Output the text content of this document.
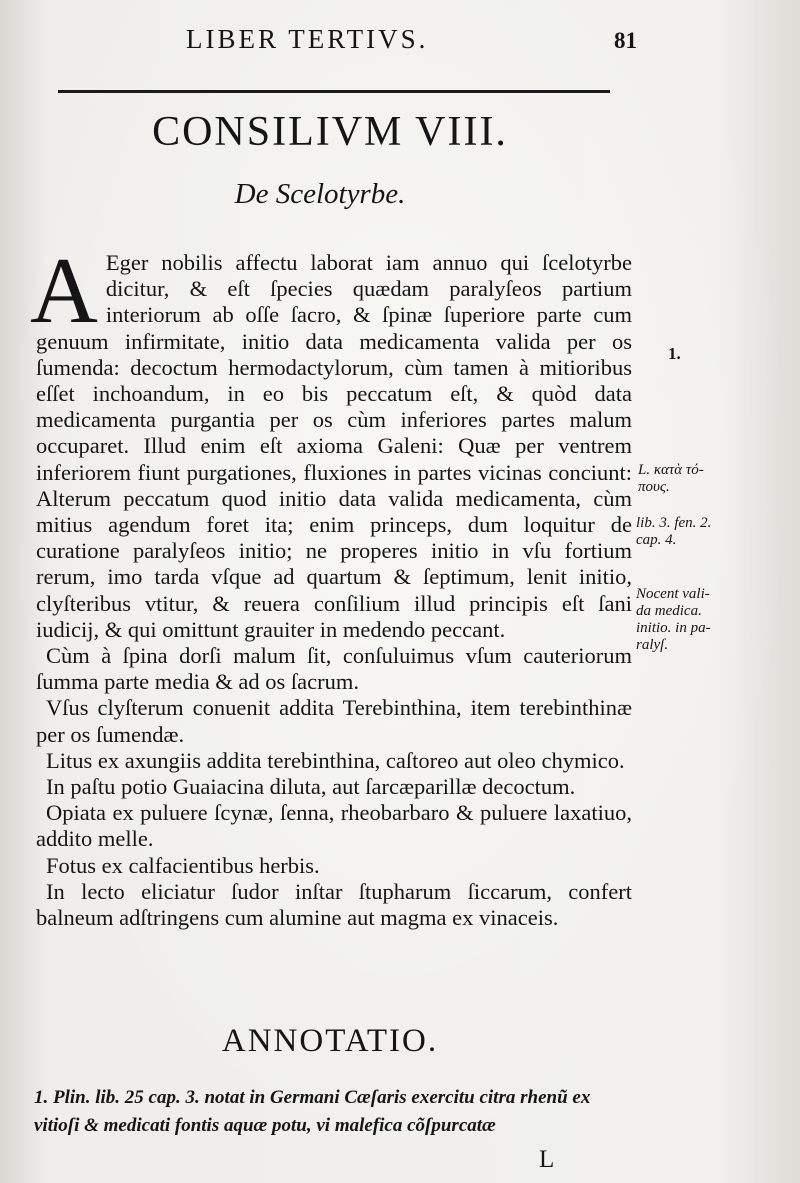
LIBER TERTIVS.	81
CONSILIVM VIII.
De Scelotyrbe.

A Eger nobilis affectu laborat iam annuo qui ſcelotyrbe dicitur, & eſt ſpecies quædam paralyſeos partium interiorum ab oſſe ſacro, & ſpinæ ſuperiore parte cum genuum infirmitate, initio data medicamenta valida per os ſumenda: decoctum hermodactylorum, cùm tamen à mitioribus eſſet inchoandum, in eo bis peccatum eſt, & quòd data medicamenta purgantia per os cùm inferiores partes malum occuparet. Illud enim eſt axioma Galeni: Quæ per ventrem inferiorem fiunt purgationes, fluxiones in partes vicinas conciunt: Alterum peccatum quod initio data valida medicamenta, cùm mitius agendum foret ita; enim princeps, dum loquitur de curatione paralyſeos initio; ne properes initio in vſu fortium rerum, imo tarda vſque ad quartum & ſeptimum, lenit initio, clyſteribus vtitur, & reuera conſilium illud principis eſt ſani iudicij, & qui omittunt grauiter in medendo peccant.

Cùm à ſpina dorſi malum ſit, conſuluimus vſum cauteriorum ſumma parte media & ad os ſacrum.

Vſus clyſterum conuenit addita Terebinthina, item terebinthinæ per os ſumendæ.

Litus ex axungiis addita terebinthina, caſtoreo aut oleo chymico.

In paſtu potio Guaiacina diluta, aut ſarcæparillæ decoctum.

Opiata ex puluere ſcynæ, ſenna, rheobarbaro & puluere laxatiuo, addito melle.

Fotus ex calfacientibus herbis.

In lecto eliciatur ſudor inſtar ſtupharum ſiccarum, confert balneum adſtringens cum alumine aut magma ex vinaceis.

1.
L. κατὰ τό-
πους.
lib. 3. fen. 2.
cap. 4.
Nocent vali-
da medica.
initio. in pa-
ralyſ.
ANNOTATIO.
1. Plin. lib. 25 cap. 3. notat in Germani Cæſaris exercitu citra rhenũ ex vitioſi & medicati fontis aquæ potu, vi malefica cõſpurcatæ
L
